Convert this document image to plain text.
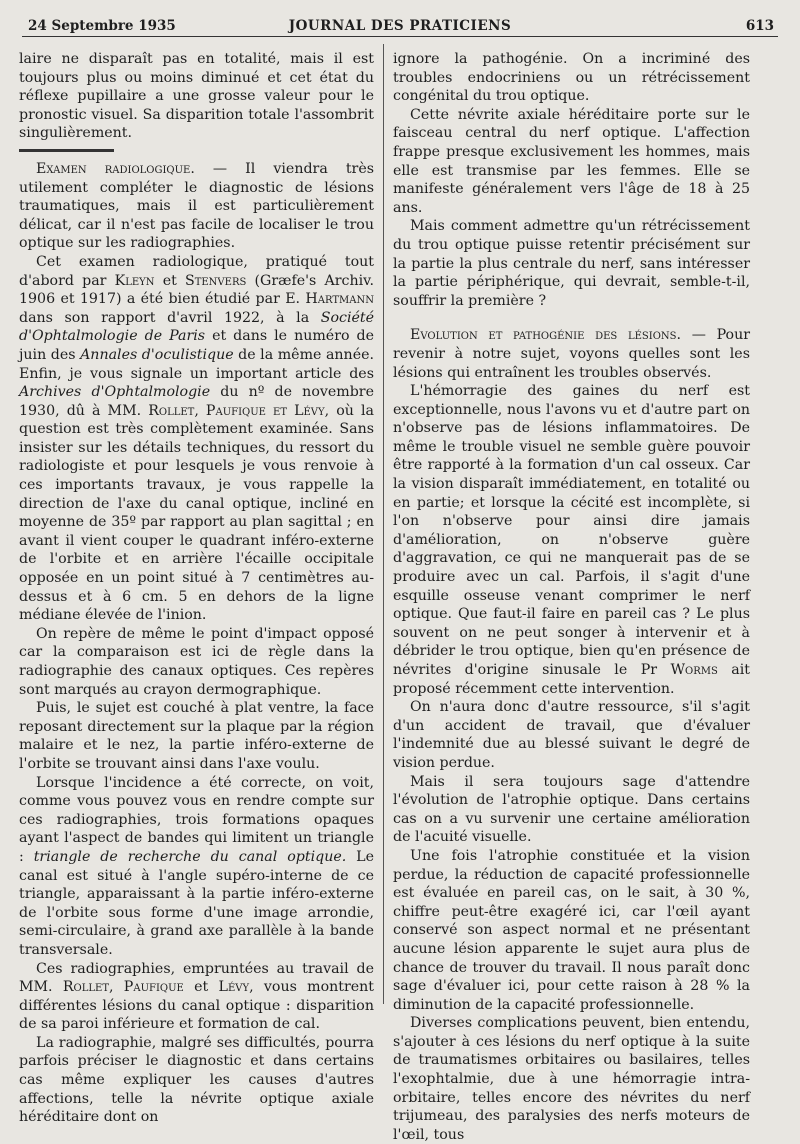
24 Septembre 1935	JOURNAL DES PRATICIENS	613

laire ne disparaît pas en totalité, mais il est toujours plus ou moins diminué et cet état du réflexe pupillaire a une grosse valeur pour le pronostic visuel. Sa disparition totale l'assombrit singulièrement.

Examen radiologique. — Il viendra très utilement compléter le diagnostic de lésions traumatiques, mais il est particulièrement délicat, car il n'est pas facile de localiser le trou optique sur les radiographies.

Cet examen radiologique, pratiqué tout d'abord par Kleyn et Stenvers (Græfe's Archiv. 1906 et 1917) a été bien étudié par E. Hartmann dans son rapport d'avril 1922, à la Société d'Ophtalmologie de Paris et dans le numéro de juin des Annales d'oculistique de la même année. Enfin, je vous signale un important article des Archives d'Ophtalmologie du nº de novembre 1930, dû à MM. Rollet, Paufique et Lévy, où la question est très complètement examinée. Sans insister sur les détails techniques, du ressort du radiologiste et pour lesquels je vous renvoie à ces importants travaux, je vous rappelle la direction de l'axe du canal optique, incliné en moyenne de 35º par rapport au plan sagittal ; en avant il vient couper le quadrant inféro-externe de l'orbite et en arrière l'écaille occipitale opposée en un point situé à 7 centimètres au-dessus et à 6 cm. 5 en dehors de la ligne médiane élevée de l'inion.

On repère de même le point d'impact opposé car la comparaison est ici de règle dans la radiographie des canaux optiques. Ces repères sont marqués au crayon dermographique.

Puis, le sujet est couché à plat ventre, la face reposant directement sur la plaque par la région malaire et le nez, la partie inféro-externe de l'orbite se trouvant ainsi dans l'axe voulu.

Lorsque l'incidence a été correcte, on voit, comme vous pouvez vous en rendre compte sur ces radiographies, trois formations opaques ayant l'aspect de bandes qui limitent un triangle : triangle de recherche du canal optique. Le canal est situé à l'angle supéro-interne de ce triangle, apparaissant à la partie inféro-externe de l'orbite sous forme d'une image arrondie, semi-circulaire, à grand axe parallèle à la bande transversale.

Ces radiographies, empruntées au travail de MM. Rollet, Paufique et Lévy, vous montrent différentes lésions du canal optique : disparition de sa paroi inférieure et formation de cal.

La radiographie, malgré ses difficultés, pourra parfois préciser le diagnostic et dans certains cas même expliquer les causes d'autres affections, telle la névrite optique axiale héréditaire dont on

ignore la pathogénie. On a incriminé des troubles endocriniens ou un rétrécissement congénital du trou optique.

Cette névrite axiale héréditaire porte sur le faisceau central du nerf optique. L'affection frappe presque exclusivement les hommes, mais elle est transmise par les femmes. Elle se manifeste généralement vers l'âge de 18 à 25 ans.

Mais comment admettre qu'un rétrécissement du trou optique puisse retentir précisément sur la partie la plus centrale du nerf, sans intéresser la partie périphérique, qui devrait, semble-t-il, souffrir la première ?

Evolution et pathogénie des lésions. — Pour revenir à notre sujet, voyons quelles sont les lésions qui entraînent les troubles observés.

L'hémorragie des gaines du nerf est exceptionnelle, nous l'avons vu et d'autre part on n'observe pas de lésions inflammatoires. De même le trouble visuel ne semble guère pouvoir être rapporté à la formation d'un cal osseux. Car la vision disparaît immédiatement, en totalité ou en partie; et lorsque la cécité est incomplète, si l'on n'observe pour ainsi dire jamais d'amélioration, on n'observe guère d'aggravation, ce qui ne manquerait pas de se produire avec un cal. Parfois, il s'agit d'une esquille osseuse venant comprimer le nerf optique. Que faut-il faire en pareil cas ? Le plus souvent on ne peut songer à intervenir et à débrider le trou optique, bien qu'en présence de névrites d'origine sinusale le Pr Worms ait proposé récemment cette intervention.

On n'aura donc d'autre ressource, s'il s'agit d'un accident de travail, que d'évaluer l'indemnité due au blessé suivant le degré de vision perdue.

Mais il sera toujours sage d'attendre l'évolution de l'atrophie optique. Dans certains cas on a vu survenir une certaine amélioration de l'acuité visuelle.

Une fois l'atrophie constituée et la vision perdue, la réduction de capacité professionnelle est évaluée en pareil cas, on le sait, à 30 %, chiffre peut-être exagéré ici, car l'œil ayant conservé son aspect normal et ne présentant aucune lésion apparente le sujet aura plus de chance de trouver du travail. Il nous paraît donc sage d'évaluer ici, pour cette raison à 28 % la diminution de la capacité professionnelle.

Diverses complications peuvent, bien entendu, s'ajouter à ces lésions du nerf optique à la suite de traumatismes orbitaires ou basilaires, telles l'exophtalmie, due à une hémorragie intra-orbitaire, telles encore des névrites du nerf trijumeau, des paralysies des nerfs moteurs de l'œil, tous
